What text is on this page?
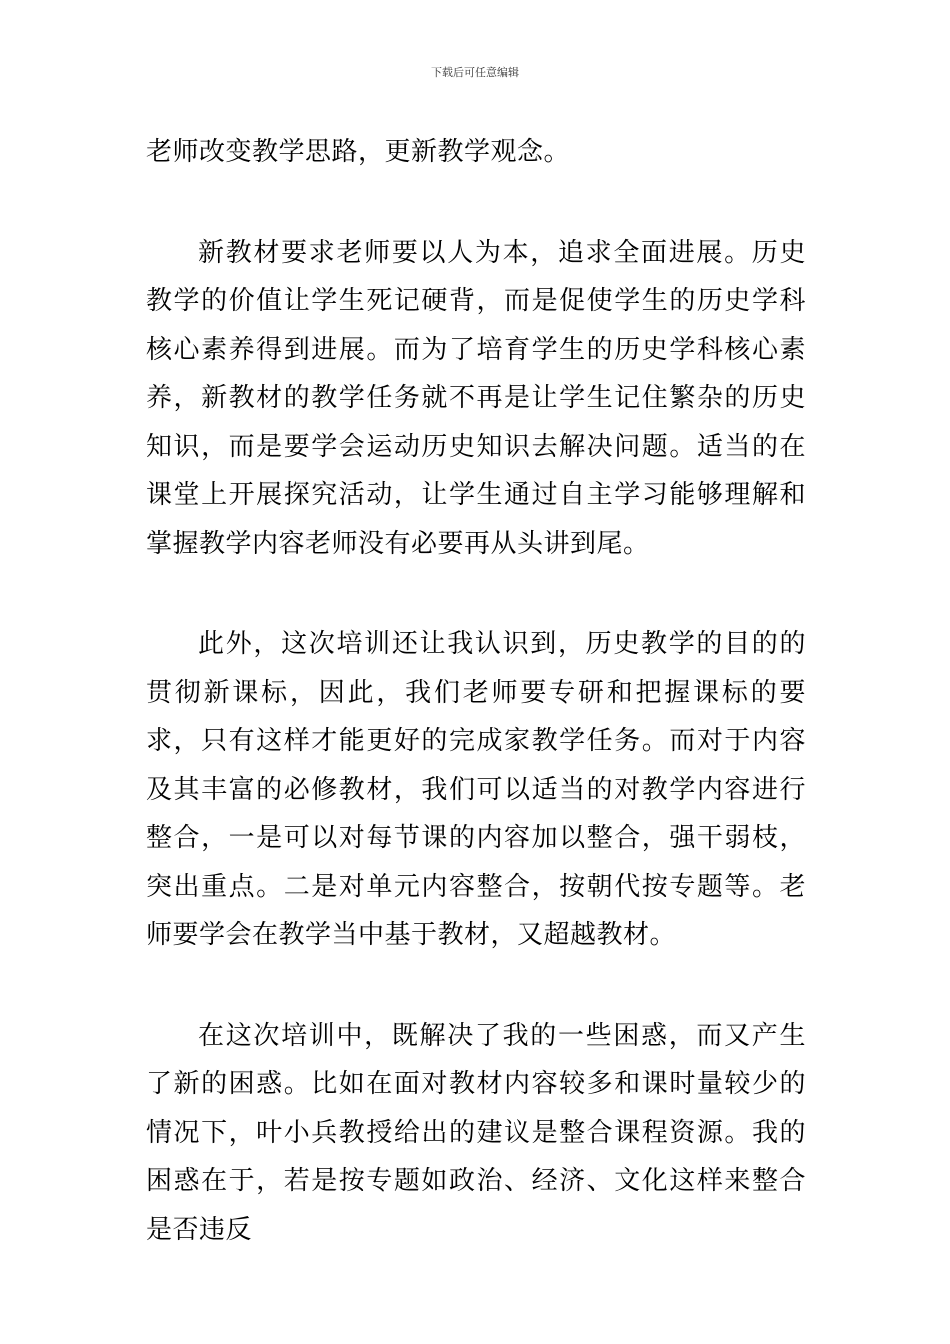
下载后可任意编辑

老师改变教学思路，更新教学观念。

新教材要求老师要以人为本，追求全面进展。历史教学的价值让学生死记硬背，而是促使学生的历史学科核心素养得到进展。而为了培育学生的历史学科核心素养，新教材的教学任务就不再是让学生记住繁杂的历史知识，而是要学会运动历史知识去解决问题。适当的在课堂上开展探究活动，让学生通过自主学习能够理解和掌握教学内容老师没有必要再从头讲到尾。

此外，这次培训还让我认识到，历史教学的目的的贯彻新课标，因此，我们老师要专研和把握课标的要求，只有这样才能更好的完成家教学任务。而对于内容及其丰富的必修教材，我们可以适当的对教学内容进行整合，一是可以对每节课的内容加以整合，强干弱枝，突出重点。二是对单元内容整合，按朝代按专题等。老师要学会在教学当中基于教材，又超越教材。

在这次培训中，既解决了我的一些困惑，而又产生了新的困惑。比如在面对教材内容较多和课时量较少的情况下，叶小兵教授给出的建议是整合课程资源。我的困惑在于，若是按专题如政治、经济、文化这样来整合是否违反
